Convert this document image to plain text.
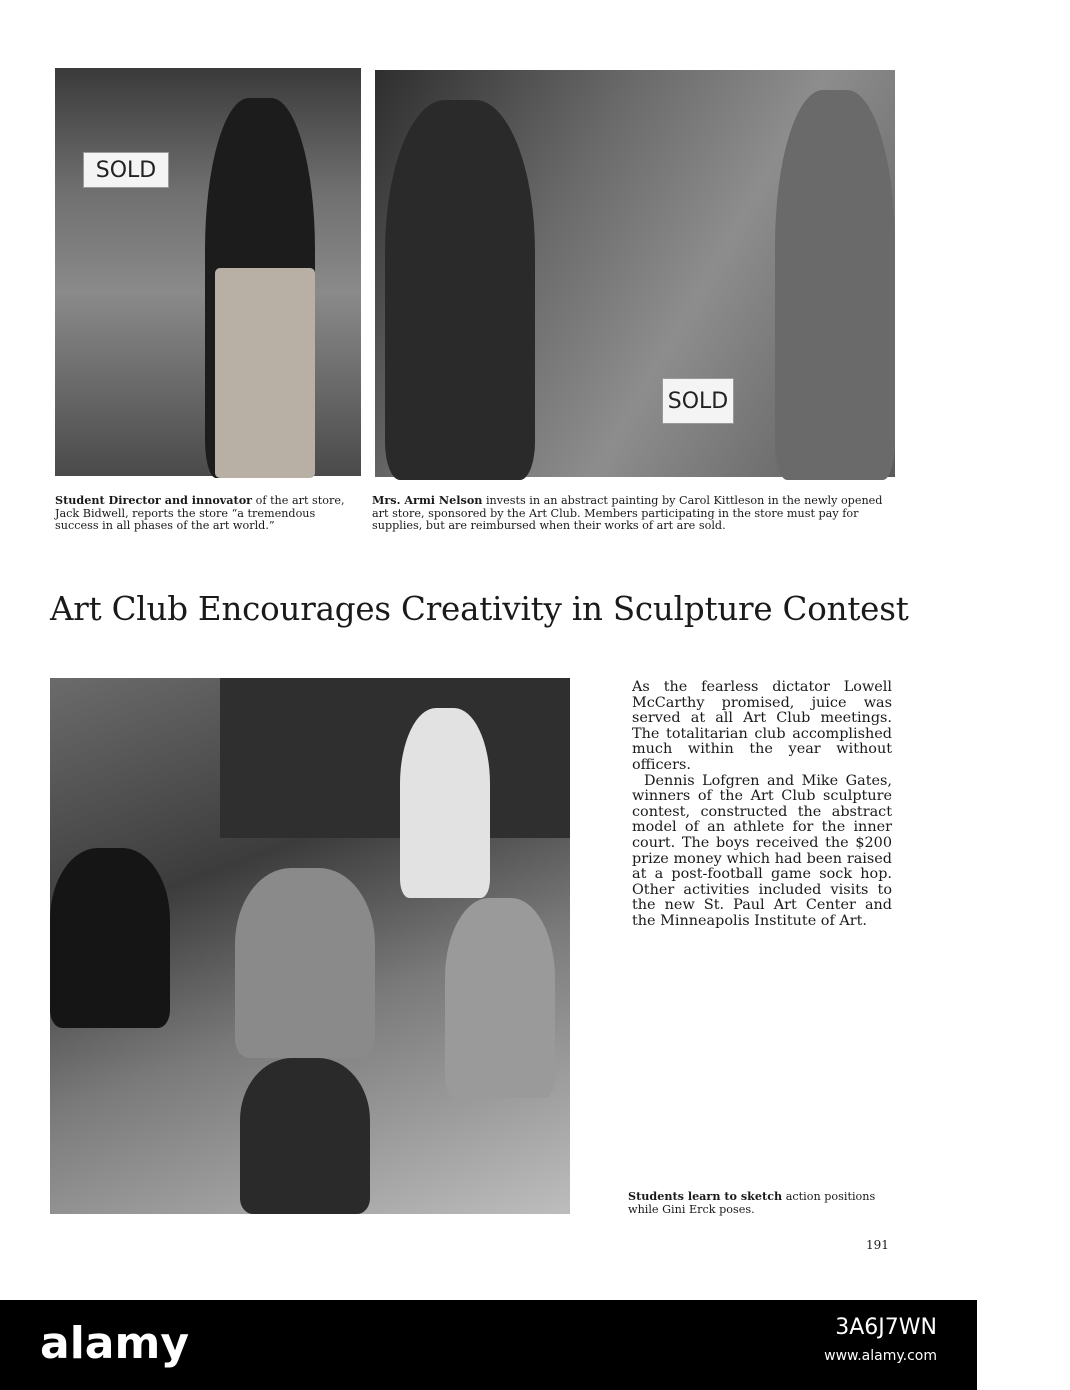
SOLD
SOLD
alamy
Student Director and innovator of the art store, Jack Bidwell, reports the store “a tremendous success in all phases of the art world.”
Mrs. Armi Nelson invests in an abstract painting by Carol Kittleson in the newly opened art store, sponsored by the Art Club. Members participating in the store must pay for supplies, but are reimbursed when their works of art are sold.
Art Club Encourages Creativity in Sculpture Contest

As the fearless dictator Lowell McCarthy promised, juice was served at all Art Club meetings. The totalitarian club accomplished much within the year without officers.

Dennis Lofgren and Mike Gates, winners of the Art Club sculpture contest, constructed the abstract model of an athlete for the inner court. The boys received the $200 prize money which had been raised at a post-football game sock hop. Other activities included visits to the new St. Paul Art Center and the Minneapolis Institute of Art.

Students learn to sketch action positions while Gini Erck poses.
191
alamy	3A6J7WN
www.alamy.com
